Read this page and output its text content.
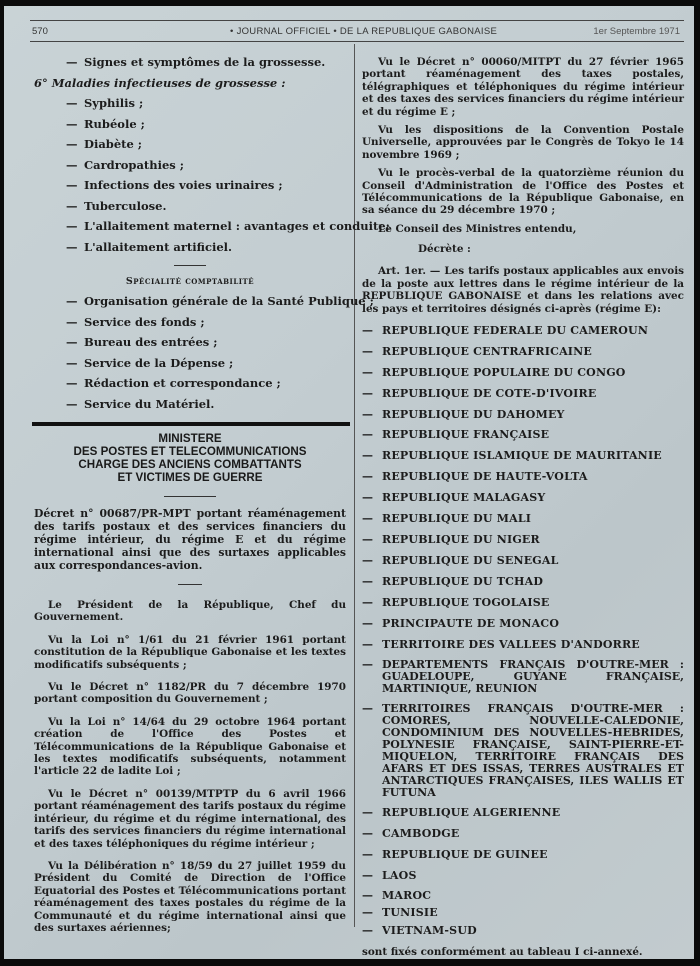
570	• JOURNAL OFFICIEL • DE LA REPUBLIQUE GABONAISE	1er Septembre 1971
— Signes et symptômes de la grossesse.
6° Maladies infectieuses de grossesse :
— Syphilis ;
— Rubéole ;
— Diabète ;
— Cardropathies ;
— Infections des voies urinaires ;
— Tuberculose.
— L'allaitement maternel : avantages et conduite;
— L'allaitement artificiel.
Spécialité comptabilité
— Organisation générale de la Santé Publique ;
— Service des fonds ;
— Bureau des entrées ;
— Service de la Dépense ;
— Rédaction et correspondance ;
— Service du Matériel.
MINISTERE
DES POSTES ET TELECOMMUNICATIONS
CHARGE DES ANCIENS COMBATTANTS
ET VICTIMES DE GUERRE
Décret n° 00687/PR-MPT portant réaménagement des tarifs postaux et des services financiers du régime intérieur, du régime E et du régime international ainsi que des surtaxes applicables aux correspondances-avion.

Le Président de la République, Chef du Gouvernement.

Vu la Loi n° 1/61 du 21 février 1961 portant constitution de la République Gabonaise et les textes modificatifs subséquents ;

Vu le Décret n° 1182/PR du 7 décembre 1970 portant composition du Gouvernement ;

Vu la Loi n° 14/64 du 29 octobre 1964 portant création de l'Office des Postes et Télécommunications de la République Gabonaise et les textes modificatifs subséquents, notamment l'article 22 de ladite Loi ;

Vu le Décret n° 00139/MTPTP du 6 avril 1966 portant réaménagement des tarifs postaux du régime intérieur, du régime et du régime international, des tarifs des services financiers du régime international et des taxes téléphoniques du régime intérieur ;

Vu la Délibération n° 18/59 du 27 juillet 1959 du Président du Comité de Direction de l'Office Equatorial des Postes et Télécommunications portant réaménagement des taxes postales du régime de la Communauté et du régime international ainsi que des surtaxes aériennes;

Vu le Décret n° 00060/MITPT du 27 février 1965 portant réaménagement des taxes postales, télégraphiques et téléphoniques du régime intérieur et des taxes des services financiers du régime intérieur et du régime E ;

Vu les dispositions de la Convention Postale Universelle, approuvées par le Congrès de Tokyo le 14 novembre 1969 ;

Vu le procès-verbal de la quatorzième réunion du Conseil d'Administration de l'Office des Postes et Télécommunications de la République Gabonaise, en sa séance du 29 décembre 1970 ;

Le Conseil des Ministres entendu,

Décrète :

Art. 1er. — Les tarifs postaux applicables aux envois de la poste aux lettres dans le régime intérieur de la REPUBLIQUE GABONAISE et dans les relations avec les pays et territoires désignés ci-après (régime E):

— REPUBLIQUE FEDERALE DU CAMEROUN
— REPUBLIQUE CENTRAFRICAINE
— REPUBLIQUE POPULAIRE DU CONGO
— REPUBLIQUE DE COTE-D'IVOIRE
— REPUBLIQUE DU DAHOMEY
— REPUBLIQUE FRANÇAISE
— REPUBLIQUE ISLAMIQUE DE MAURITANIE
— REPUBLIQUE DE HAUTE-VOLTA
— REPUBLIQUE MALAGASY
— REPUBLIQUE DU MALI
— REPUBLIQUE DU NIGER
— REPUBLIQUE DU SENEGAL
— REPUBLIQUE DU TCHAD
— REPUBLIQUE TOGOLAISE
— PRINCIPAUTE DE MONACO
— TERRITOIRE DES VALLEES D'ANDORRE
— DEPARTEMENTS FRANÇAIS D'OUTRE-MER : GUADELOUPE, GUYANE FRANÇAISE, MARTINIQUE, REUNION
— TERRITOIRES FRANÇAIS D'OUTRE-MER : COMORES, NOUVELLE-CALEDONIE, CONDOMINIUM DES NOUVELLES-HEBRIDES, POLYNESIE FRANÇAISE, SAINT-PIERRE-ET-MIQUELON, TERRITOIRE FRANÇAIS DES AFARS ET DES ISSAS, TERRES AUSTRALES ET ANTARCTIQUES FRANÇAISES, ILES WALLIS ET FUTUNA
— REPUBLIQUE ALGERIENNE
— CAMBODGE
— REPUBLIQUE DE GUINEE
— LAOS
— MAROC
— TUNISIE
— VIETNAM-SUD
sont fixés conformément au tableau I ci-annexé.
